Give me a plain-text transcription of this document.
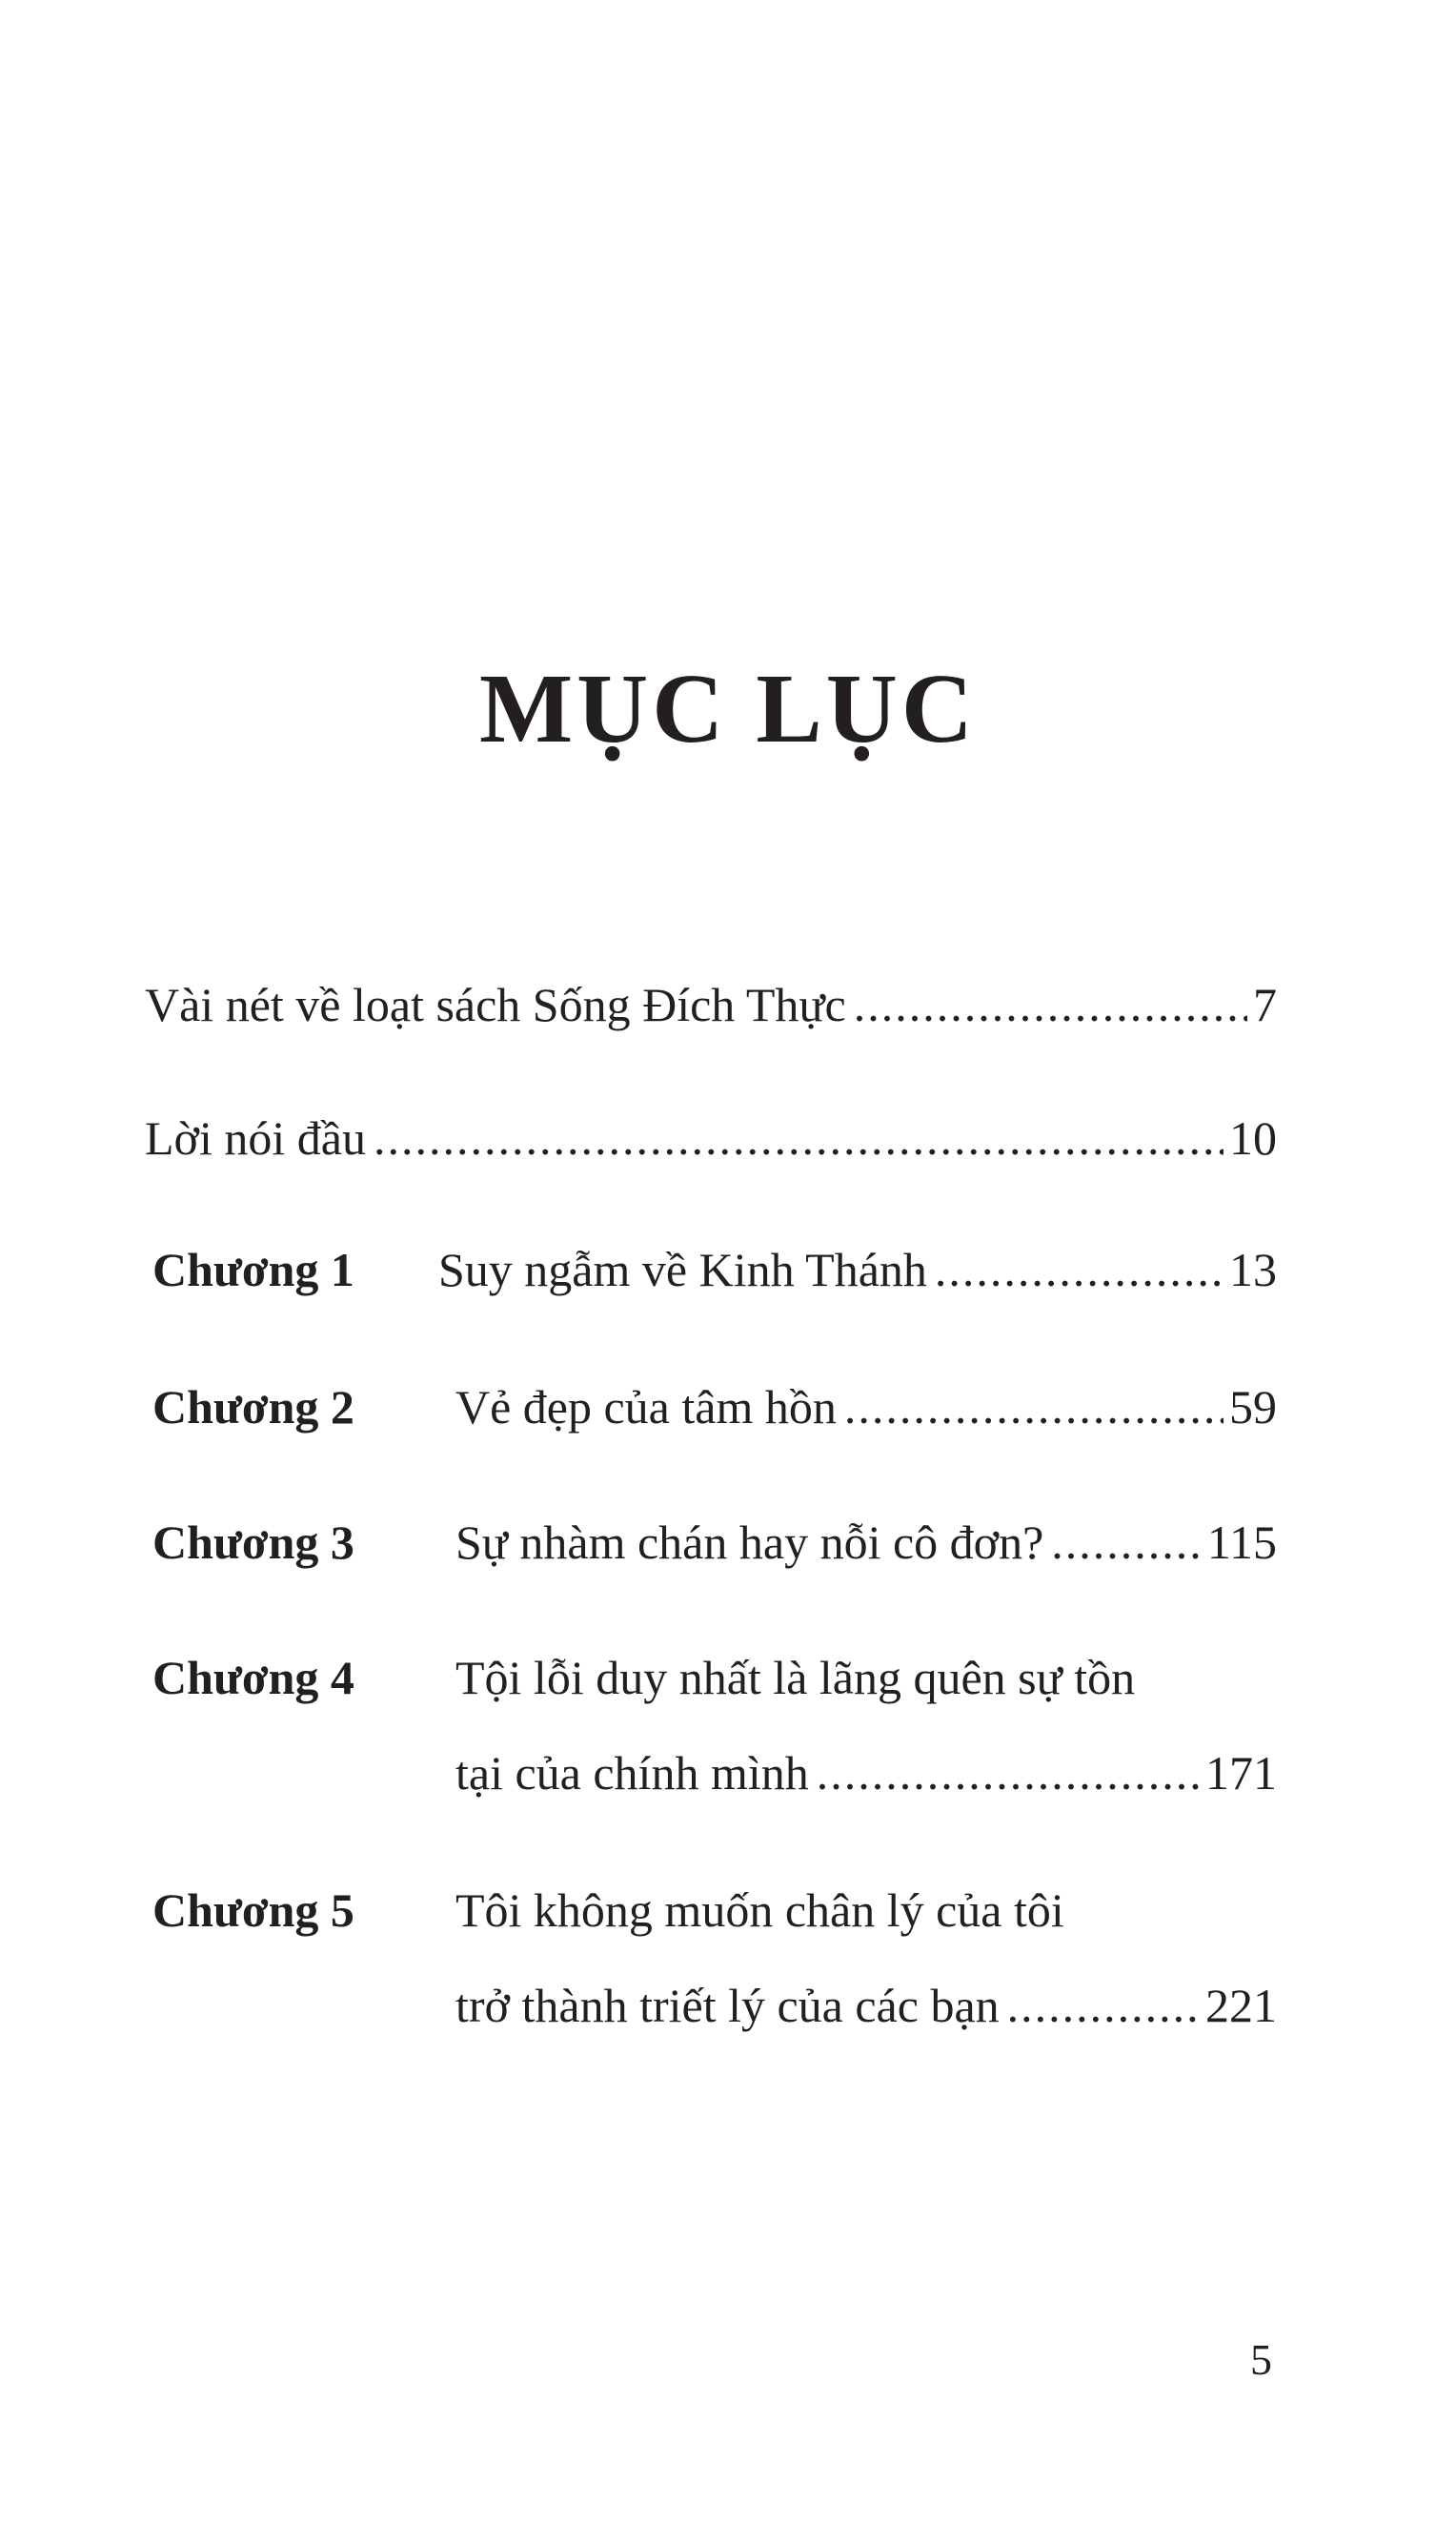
MỤC LỤC
Vài nét về loạt sách Sống Đích Thực .....	7
Lời nói đầu .....	10
Chương 1 Suy ngẫm về Kinh Thánh .....	13
Chương 2 Vẻ đẹp của tâm hồn .....	59
Chương 3 Sự nhàm chán hay nỗi cô đơn? .....	115
Chương 4 Tội lỗi duy nhất là lãng quên sự tồn
tại của chính mình .....	171
Chương 5 Tôi không muốn chân lý của tôi
trở thành triết lý của các bạn .....	221
5
